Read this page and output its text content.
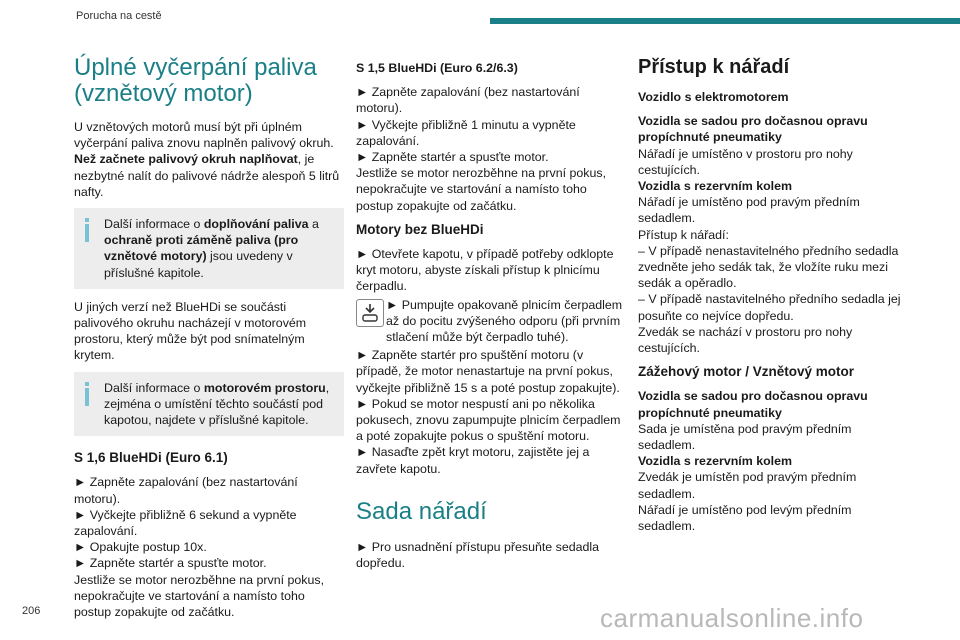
Porucha na cestě
Úplné vyčerpání paliva
(vznětový motor)

U vznětových motorů musí být při úplném vyčerpání paliva znovu naplněn palivový okruh. Než začnete palivový okruh naplňovat, je nezbytné nalít do palivové nádrže alespoň 5 litrů nafty.

Další informace o doplňování paliva a ochraně proti záměně paliva (pro vznětové motory) jsou uvedeny v příslušné kapitole.

U jiných verzí než BlueHDi se součásti palivového okruhu nacházejí v motorovém prostoru, který může být pod snímatelným krytem.

Další informace o motorovém prostoru, zejména o umístění těchto součástí pod kapotou, najdete v příslušné kapitole.
S 1,6 BlueHDi (Euro 6.1)
► Zapněte zapalování (bez nastartování motoru).
► Vyčkejte přibližně 6 sekund a vypněte zapalování.
► Opakujte postup 10x.
► Zapněte startér a spusťte motor.
Jestliže se motor nerozběhne na první pokus, nepokračujte ve startování a namísto toho postup zopakujte od začátku.
S 1,5 BlueHDi (Euro 6.2/6.3)
► Zapněte zapalování (bez nastartování motoru).
► Vyčkejte přibližně 1 minutu a vypněte zapalování.
► Zapněte startér a spusťte motor.
Jestliže se motor nerozběhne na první pokus, nepokračujte ve startování a namísto toho postup zopakujte od začátku.
Motory bez BlueHDi

► Otevřete kapotu, v případě potřeby odklopte kryt motoru, abyste získali přístup k plnicímu čerpadlu.

► Pumpujte opakovaně plnicím čerpadlem až do pocitu zvýšeného odporu (při prvním stlačení může být čerpadlo tuhé).
► Zapněte startér pro spuštění motoru (v případě, že motor nenastartuje na první pokus, vyčkejte přibližně 15 s a poté postup zopakujte).
► Pokud se motor nespustí ani po několika pokusech, znovu zapumpujte plnicím čerpadlem a poté zopakujte pokus o spuštění motoru.
► Nasaďte zpět kryt motoru, zajistěte jej a zavřete kapotu.
Sada nářadí

► Pro usnadnění přístupu přesuňte sedadla dopředu.

Přístup k nářadí
Vozidlo s elektromotorem
Vozidla se sadou pro dočasnou opravu propíchnuté pneumatiky
Nářadí je umístěno v prostoru pro nohy cestujících.
Vozidla s rezervním kolem
Nářadí je umístěno pod pravým předním sedadlem.
Přístup k nářadí:
– V případě nenastavitelného předního sedadla zvedněte jeho sedák tak, že vložíte ruku mezi sedák a opěradlo.
– V případě nastavitelného předního sedadla jej posuňte co nejvíce dopředu.
Zvedák se nachází v prostoru pro nohy cestujících.
Zážehový motor / Vznětový motor
Vozidla se sadou pro dočasnou opravu propíchnuté pneumatiky
Sada je umístěna pod pravým předním sedadlem.
Vozidla s rezervním kolem
Zvedák je umístěn pod pravým předním sedadlem.
Nářadí je umístěno pod levým předním sedadlem.
206	carmanualsonline.info
